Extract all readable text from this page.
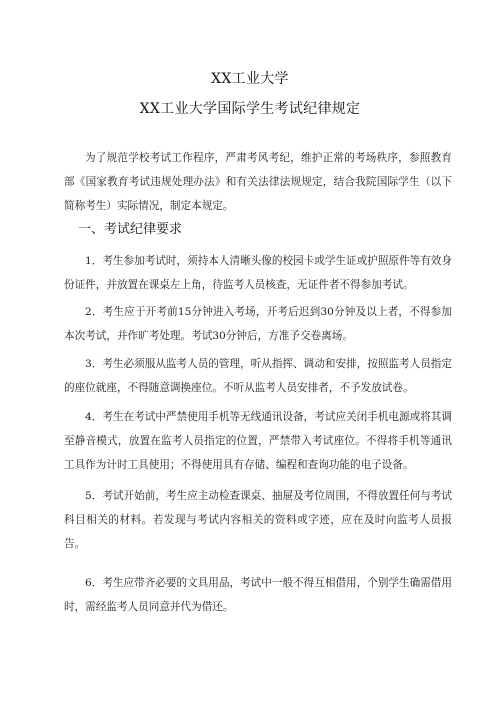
XX工业大学
XX工业大学国际学生考试纪律规定
为了规范学校考试工作程序，严肃考风考纪，维护正常的考场秩序，参照教育部《国家教育考试违规处理办法》和有关法律法规规定，结合我院国际学生（以下简称考生）实际情况，制定本规定。
一、考试纪律要求
1．考生参加考试时，须持本人清晰头像的校园卡或学生证或护照原件等有效身份证件，并放置在课桌左上角，待监考人员核查，无证件者不得参加考试。
2．考生应于开考前15分钟进入考场，开考后迟到30分钟及以上者，不得参加本次考试，并作旷考处理。考试30分钟后，方准予交卷离场。
3．考生必须服从监考人员的管理，听从指挥、调动和安排，按照监考人员指定的座位就座，不得随意调换座位。不听从监考人员安排者，不予发放试卷。
4．考生在考试中严禁使用手机等无线通讯设备，考试应关闭手机电源或将其调至静音模式，放置在监考人员指定的位置，严禁带入考试座位。不得将手机等通讯工具作为计时工具使用；不得使用具有存储、编程和查询功能的电子设备。
5．考试开始前，考生应主动检查课桌、抽屉及考位周围，不得放置任何与考试科目相关的材料。若发现与考试内容相关的资料或字迹，应在及时向监考人员报告。
6．考生应带齐必要的文具用品，考试中一般不得互相借用，个别学生确需借用时，需经监考人员同意并代为借还。
